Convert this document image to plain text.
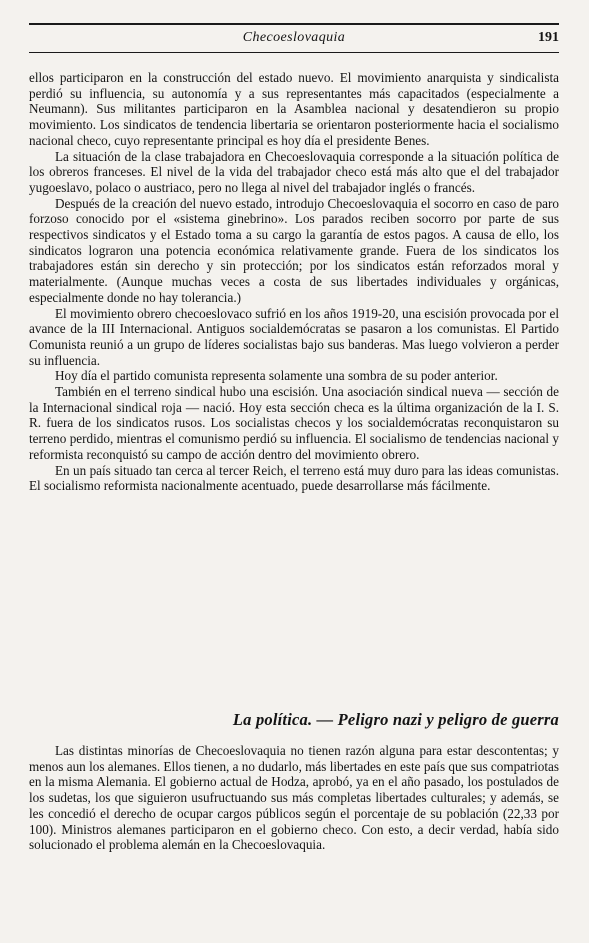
Checoeslovaquia	191

ellos participaron en la construcción del estado nuevo. El movimiento anarquista y sindicalista perdió su influencia, su autonomía y a sus representantes más capacitados (especialmente a Neumann). Sus militantes participaron en la Asamblea nacional y desatendieron su propio movimiento. Los sindicatos de tendencia libertaria se orientaron posteriormente hacia el socialismo nacional checo, cuyo representante principal es hoy día el presidente Benes.

La situación de la clase trabajadora en Checoeslovaquia corresponde a la situación política de los obreros franceses. El nivel de la vida del trabajador checo está más alto que el del trabajador yugoeslavo, polaco o austriaco, pero no llega al nivel del trabajador inglés o francés.

Después de la creación del nuevo estado, introdujo Checoeslovaquia el socorro en caso de paro forzoso conocido por el «sistema ginebrino». Los parados reciben socorro por parte de sus respectivos sindicatos y el Estado toma a su cargo la garantía de estos pagos. A causa de ello, los sindicatos lograron una potencia económica relativamente grande. Fuera de los sindicatos los trabajadores están sin derecho y sin protección; por los sindicatos están reforzados moral y materialmente. (Aunque muchas veces a costa de sus libertades individuales y orgánicas, especialmente donde no hay tolerancia.)

El movimiento obrero checoeslovaco sufrió en los años 1919-20, una escisión provocada por el avance de la III Internacional. Antiguos socialdemócratas se pasaron a los comunistas. El Partido Comunista reunió a un grupo de líderes socialistas bajo sus banderas. Mas luego volvieron a perder su influencia.

Hoy día el partido comunista representa solamente una sombra de su poder anterior.

También en el terreno sindical hubo una escisión. Una asociación sindical nueva — sección de la Internacional sindical roja — nació. Hoy esta sección checa es la última organización de la I. S. R. fuera de los sindicatos rusos. Los socialistas checos y los socialdemócratas reconquistaron su terreno perdido, mientras el comunismo perdió su influencia. El socialismo de tendencias nacional y reformista reconquistó su campo de acción dentro del movimiento obrero.

En un país situado tan cerca al tercer Reich, el terreno está muy duro para las ideas comunistas. El socialismo reformista nacionalmente acentuado, puede desarrollarse más fácilmente.

La política. — Peligro nazi y peligro de guerra

Las distintas minorías de Checoeslovaquia no tienen razón alguna para estar descontentas; y menos aun los alemanes. Ellos tienen, a no dudarlo, más libertades en este país que sus compatriotas en la misma Alemania. El gobierno actual de Hodza, aprobó, ya en el año pasado, los postulados de los sudetas, los que siguieron usufructuando sus más completas libertades culturales; y además, se les concedió el derecho de ocupar cargos públicos según el porcentaje de su población (22,33 por 100). Ministros alemanes participaron en el gobierno checo. Con esto, a decir verdad, había sido solucionado el problema alemán en la Checoeslovaquia.
